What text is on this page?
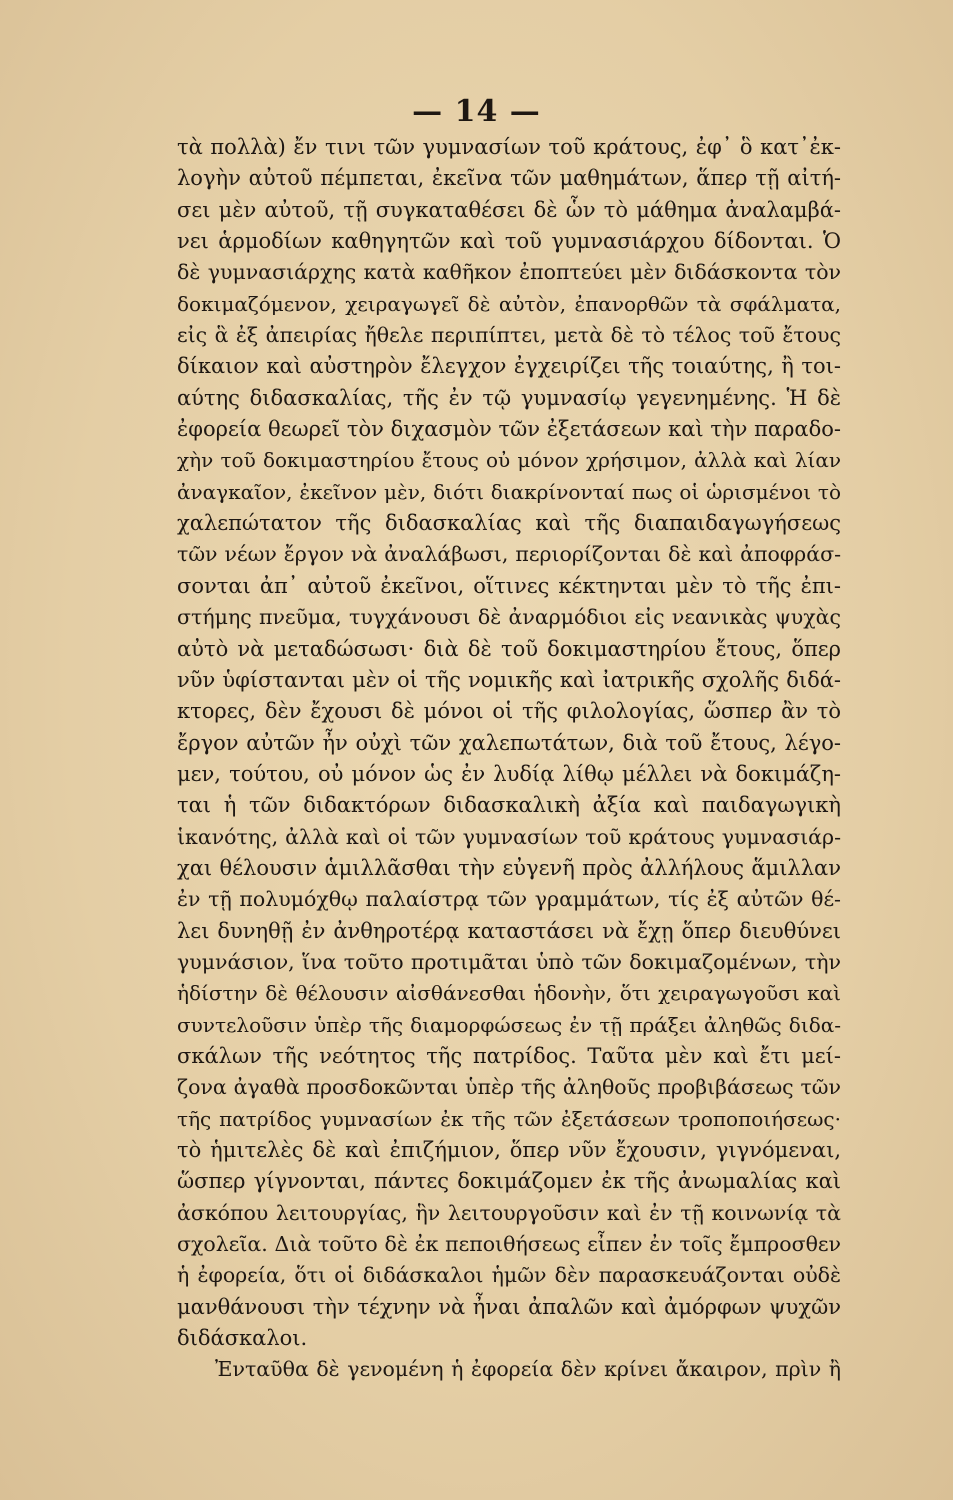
— 14 —
τὰ πολλὰ) ἔν τινι τῶν γυμνασίων τοῦ κράτους, ἐφ᾽ ὃ κατ᾽ἐκ-
λογὴν αὐτοῦ πέμπεται, ἐκεῖνα τῶν μαθημάτων, ἅπερ τῇ αἰτή-
σει μὲν αὐτοῦ, τῇ συγκαταθέσει δὲ ὧν τὸ μάθημα ἀναλαμβά-
νει ἁρμοδίων καθηγητῶν καὶ τοῦ γυμνασιάρχου δίδονται. Ὁ
δὲ γυμνασιάρχης κατὰ καθῆκον ἐποπτεύει μὲν διδάσκοντα τὸν
δοκιμαζόμενον, χειραγωγεῖ δὲ αὐτὸν, ἐπανορθῶν τὰ σφάλματα,
εἰς ἃ ἐξ ἀπειρίας ἤθελε περιπίπτει, μετὰ δὲ τὸ τέλος τοῦ ἔτους
δίκαιον καὶ αὐστηρὸν ἔλεγχον ἐγχειρίζει τῆς τοιαύτης, ἢ τοι-
αύτης διδασκαλίας, τῆς ἐν τῷ γυμνασίῳ γεγενημένης. Ἡ δὲ
ἐφορεία θεωρεῖ τὸν διχασμὸν τῶν ἐξετάσεων καὶ τὴν παραδο-
χὴν τοῦ δοκιμαστηρίου ἔτους οὐ μόνον χρήσιμον, ἀλλὰ καὶ λίαν
ἀναγκαῖον, ἐκεῖνον μὲν, διότι διακρίνονταί πως οἱ ὡρισμένοι τὸ
χαλεπώτατον τῆς διδασκαλίας καὶ τῆς διαπαιδαγωγήσεως
τῶν νέων ἔργον νὰ ἀναλάβωσι, περιορίζονται δὲ καὶ ἀποφράσ-
σονται ἀπ᾽ αὐτοῦ ἐκεῖνοι, οἵτινες κέκτηνται μὲν τὸ τῆς ἐπι-
στήμης πνεῦμα, τυγχάνουσι δὲ ἀναρμόδιοι εἰς νεανικὰς ψυχὰς
αὐτὸ νὰ μεταδώσωσι· διὰ δὲ τοῦ δοκιμαστηρίου ἔτους, ὅπερ
νῦν ὑφίστανται μὲν οἱ τῆς νομικῆς καὶ ἰατρικῆς σχολῆς διδά-
κτορες, δὲν ἔχουσι δὲ μόνοι οἱ τῆς φιλολογίας, ὥσπερ ἂν τὸ
ἔργον αὐτῶν ἦν οὐχὶ τῶν χαλεπωτάτων, διὰ τοῦ ἔτους, λέγο-
μεν, τούτου, οὐ μόνον ὡς ἐν λυδίᾳ λίθῳ μέλλει νὰ δοκιμάζη-
ται ἡ τῶν διδακτόρων διδασκαλικὴ ἀξία καὶ παιδαγωγικὴ
ἱκανότης, ἀλλὰ καὶ οἱ τῶν γυμνασίων τοῦ κράτους γυμνασιάρ-
χαι θέλουσιν ἁμιλλᾶσθαι τὴν εὐγενῆ πρὸς ἀλλήλους ἅμιλλαν
ἐν τῇ πολυμόχθῳ παλαίστρᾳ τῶν γραμμάτων, τίς ἐξ αὐτῶν θέ-
λει δυνηθῇ ἐν ἀνθηροτέρᾳ καταστάσει νὰ ἔχῃ ὅπερ διευθύνει
γυμνάσιον, ἵνα τοῦτο προτιμᾶται ὑπὸ τῶν δοκιμαζομένων, τὴν
ἡδίστην δὲ θέλουσιν αἰσθάνεσθαι ἡδονὴν, ὅτι χειραγωγοῦσι καὶ
συντελοῦσιν ὑπὲρ τῆς διαμορφώσεως ἐν τῇ πράξει ἀληθῶς διδα-
σκάλων τῆς νεότητος τῆς πατρίδος. Ταῦτα μὲν καὶ ἔτι μεί-
ζονα ἀγαθὰ προσδοκῶνται ὑπὲρ τῆς ἀληθοῦς προβιβάσεως τῶν
τῆς πατρίδος γυμνασίων ἐκ τῆς τῶν ἐξετάσεων τροποποιήσεως·
τὸ ἡμιτελὲς δὲ καὶ ἐπιζήμιον, ὅπερ νῦν ἔχουσιν, γιγνόμεναι,
ὥσπερ γίγνονται, πάντες δοκιμάζομεν ἐκ τῆς ἀνωμαλίας καὶ
ἀσκόπου λειτουργίας, ἣν λειτουργοῦσιν καὶ ἐν τῇ κοινωνίᾳ τὰ
σχολεῖα. Διὰ τοῦτο δὲ ἐκ πεποιθήσεως εἶπεν ἐν τοῖς ἔμπροσθεν
ἡ ἐφορεία, ὅτι οἱ διδάσκαλοι ἡμῶν δὲν παρασκευάζονται οὐδὲ
μανθάνουσι τὴν τέχνην νὰ ἦναι ἀπαλῶν καὶ ἀμόρφων ψυχῶν
διδάσκαλοι.
Ἐνταῦθα δὲ γενομένη ἡ ἐφορεία δὲν κρίνει ἄκαιρον, πρὶν ἢ
